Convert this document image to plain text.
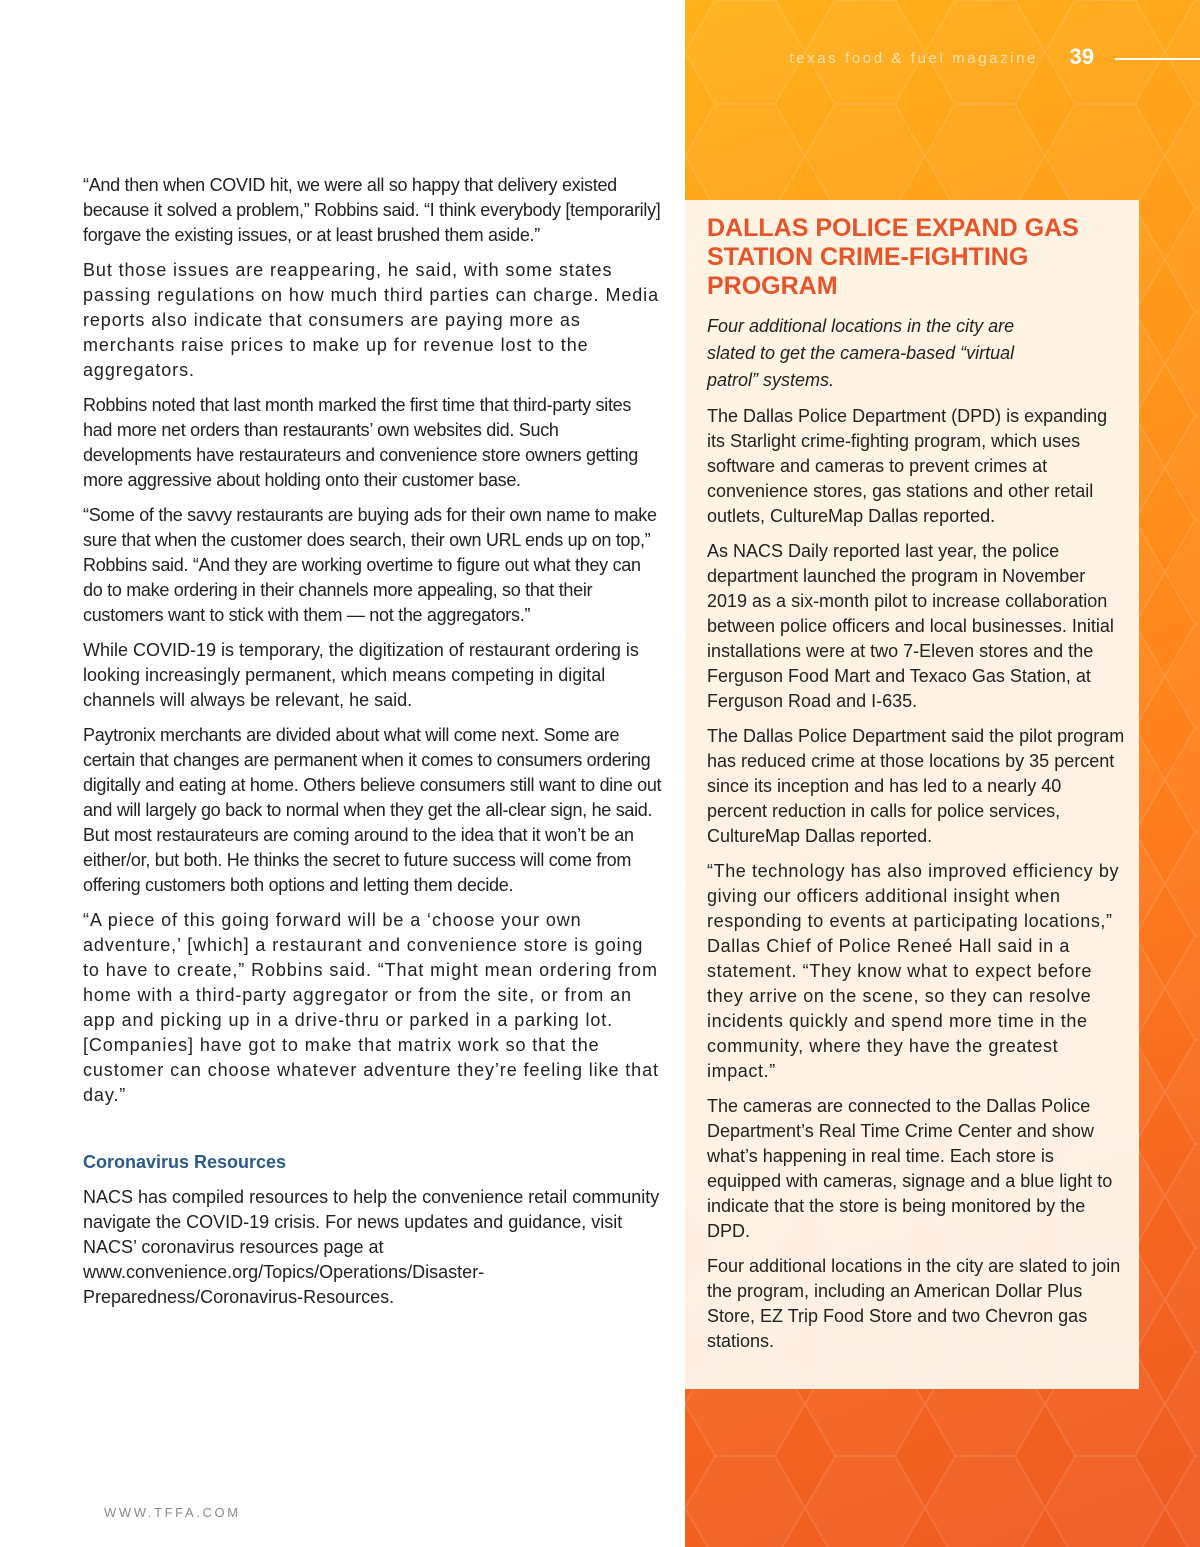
texas food & fuel magazine 39

“And then when COVID hit, we were all so happy that delivery existed because it solved a problem,” Robbins said. “I think everybody [temporarily] forgave the existing issues, or at least brushed them aside.”

But those issues are reappearing, he said, with some states passing regulations on how much third parties can charge. Media reports also indicate that consumers are paying more as merchants raise prices to make up for revenue lost to the aggregators.

Robbins noted that last month marked the first time that third-party sites had more net orders than restaurants’ own websites did. Such developments have restaurateurs and convenience store owners getting more aggressive about holding onto their customer base.

“Some of the savvy restaurants are buying ads for their own name to make sure that when the customer does search, their own URL ends up on top,” Robbins said. “And they are working overtime to figure out what they can do to make ordering in their channels more appealing, so that their customers want to stick with them — not the aggregators.”

While COVID-19 is temporary, the digitization of restaurant ordering is looking increasingly permanent, which means competing in digital channels will always be relevant, he said.

Paytronix merchants are divided about what will come next. Some are certain that changes are permanent when it comes to consumers ordering digitally and eating at home. Others believe consumers still want to dine out and will largely go back to normal when they get the all-clear sign, he said. But most restaurateurs are coming around to the idea that it won’t be an either/or, but both. He thinks the secret to future success will come from offering customers both options and letting them decide.

“A piece of this going forward will be a ‘choose your own adventure,’ [which] a restaurant and convenience store is going to have to create,” Robbins said. “That might mean ordering from home with a third-party aggregator or from the site, or from an app and picking up in a drive-thru or parked in a parking lot. [Companies] have got to make that matrix work so that the customer can choose whatever adventure they’re feeling like that day.”

Coronavirus Resources

NACS has compiled resources to help the convenience retail community navigate the COVID-19 crisis. For news updates and guidance, visit NACS’ coronavirus resources page at www.convenience.org/Topics/Operations/Disaster-Preparedness/Coronavirus-Resources.

DALLAS POLICE EXPAND GAS STATION CRIME-FIGHTING PROGRAM
Four additional locations in the city are slated to get the camera-based “virtual patrol” systems.

The Dallas Police Department (DPD) is expanding its Starlight crime-fighting program, which uses software and cameras to prevent crimes at convenience stores, gas stations and other retail outlets, CultureMap Dallas reported.

As NACS Daily reported last year, the police department launched the program in November 2019 as a six-month pilot to increase collaboration between police officers and local businesses. Initial installations were at two 7-Eleven stores and the Ferguson Food Mart and Texaco Gas Station, at Ferguson Road and I-635.

The Dallas Police Department said the pilot program has reduced crime at those locations by 35 percent since its inception and has led to a nearly 40 percent reduction in calls for police services, CultureMap Dallas reported.

“The technology has also improved efficiency by giving our officers additional insight when responding to events at participating locations,” Dallas Chief of Police Reneé Hall said in a statement. “They know what to expect before they arrive on the scene, so they can resolve incidents quickly and spend more time in the community, where they have the greatest impact.”

The cameras are connected to the Dallas Police Department’s Real Time Crime Center and show what’s happening in real time. Each store is equipped with cameras, signage and a blue light to indicate that the store is being monitored by the DPD.

Four additional locations in the city are slated to join the program, including an American Dollar Plus Store, EZ Trip Food Store and two Chevron gas stations.

WWW.TFFA.COM
